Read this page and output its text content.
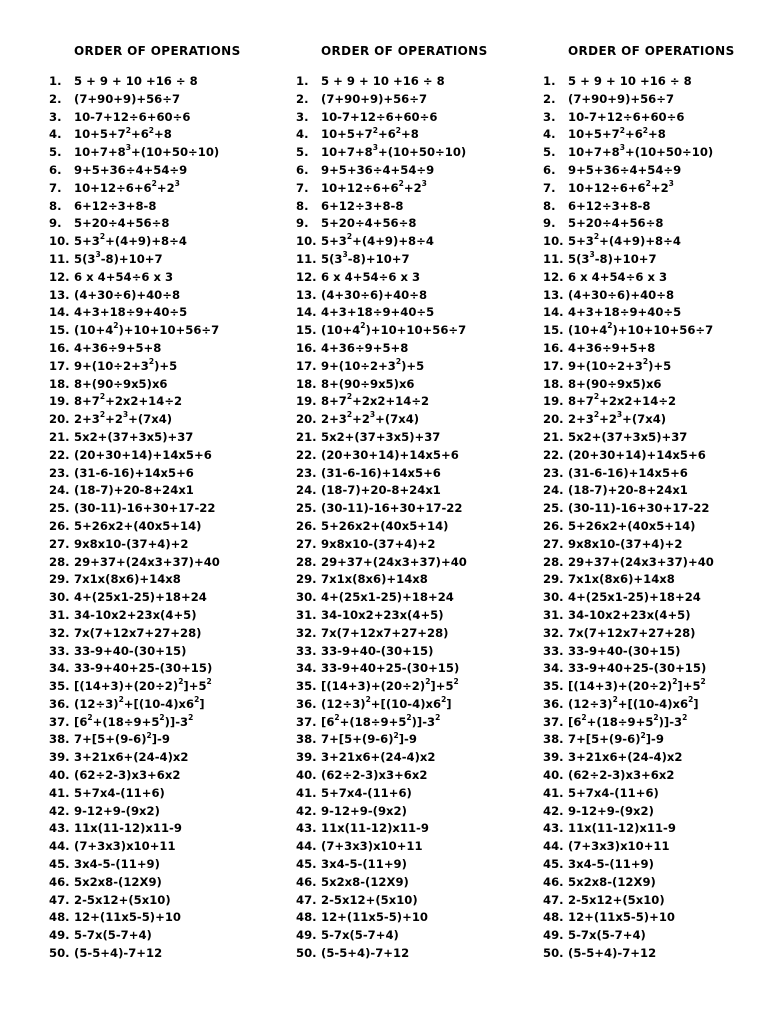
ORDER OF OPERATIONS
1. 5 + 9 + 10 +16 ÷ 8
2. (7+90+9)+56÷7
3. 10-7+12÷6+60÷6
4. $10+5+7^2+6^2+8$
5. $10+7+8^3+(10+50\div 10)$
6. 9+5+36÷4+54÷9
7. $10+12\div 6+6^2+2^3$
8. 6+12÷3+8-8
9. 5+20÷4+56÷8
10. $5+3^2+(4+9)+8\div 4$
11. $5(3^3-8)+10+7$
12. 6 x 4+54÷6 x 3
13. (4+30÷6)+40÷8
14. 4+3+18÷9+40÷5
15. $(10+4^2)+10+10+56\div 7$
16. 4+36÷9+5+8
17. $9+(10\div 2+3^2)+5$
18. 8+(90÷9x5)x6
19. $8+7^2+2x2+14\div 2$
20. $2+3^2+2^3+(7x4)$
21. 5x2+(37+3x5)+37
22. (20+30+14)+14x5+6
23. (31-6-16)+14x5+6
24. (18-7)+20-8+24x1
25. (30-11)-16+30+17-22
26. 5+26x2+(40x5+14)
27. 9x8x10-(37+4)+2
28. 29+37+(24x3+37)+40
29. 7x1x(8x6)+14x8
30. 4+(25x1-25)+18+24
31. 34-10x2+23x(4+5)
32. 7x(7+12x7+27+28)
33. 33-9+40-(30+15)
34. 33-9+40+25-(30+15)
35. $[(14+3)+(20\div 2)^2]+5^2$
36. $(12\div 3)^2+[(10-4)x6^2]$
37. $[6^2+(18\div 9+5^2)]-3^2$
38. $7+[5+(9-6)^2]-9$
39. 3+21x6+(24-4)x2
40. (62÷2-3)x3+6x2
41. 5+7x4-(11+6)
42. 9-12+9-(9x2)
43. 11x(11-12)x11-9
44. (7+3x3)x10+11
45. 3x4-5-(11+9)
46. 5x2x8-(12X9)
47. 2-5x12+(5x10)
48. 12+(11x5-5)+10
49. 5-7x(5-7+4)
50. (5-5+4)-7+12
ORDER OF OPERATIONS
1. 5 + 9 + 10 +16 ÷ 8
2. (7+90+9)+56÷7
3. 10-7+12÷6+60÷6
4. $10+5+7^2+6^2+8$
5. $10+7+8^3+(10+50\div 10)$
6. 9+5+36÷4+54÷9
7. $10+12\div 6+6^2+2^3$
8. 6+12÷3+8-8
9. 5+20÷4+56÷8
10. $5+3^2+(4+9)+8\div 4$
11. $5(3^3-8)+10+7$
12. 6 x 4+54÷6 x 3
13. (4+30÷6)+40÷8
14. 4+3+18÷9+40÷5
15. $(10+4^2)+10+10+56\div 7$
16. 4+36÷9+5+8
17. $9+(10\div 2+3^2)+5$
18. 8+(90÷9x5)x6
19. $8+7^2+2x2+14\div 2$
20. $2+3^2+2^3+(7x4)$
21. 5x2+(37+3x5)+37
22. (20+30+14)+14x5+6
23. (31-6-16)+14x5+6
24. (18-7)+20-8+24x1
25. (30-11)-16+30+17-22
26. 5+26x2+(40x5+14)
27. 9x8x10-(37+4)+2
28. 29+37+(24x3+37)+40
29. 7x1x(8x6)+14x8
30. 4+(25x1-25)+18+24
31. 34-10x2+23x(4+5)
32. 7x(7+12x7+27+28)
33. 33-9+40-(30+15)
34. 33-9+40+25-(30+15)
35. $[(14+3)+(20\div 2)^2]+5^2$
36. $(12\div 3)^2+[(10-4)x6^2]$
37. $[6^2+(18\div 9+5^2)]-3^2$
38. $7+[5+(9-6)^2]-9$
39. 3+21x6+(24-4)x2
40. (62÷2-3)x3+6x2
41. 5+7x4-(11+6)
42. 9-12+9-(9x2)
43. 11x(11-12)x11-9
44. (7+3x3)x10+11
45. 3x4-5-(11+9)
46. 5x2x8-(12X9)
47. 2-5x12+(5x10)
48. 12+(11x5-5)+10
49. 5-7x(5-7+4)
50. (5-5+4)-7+12
ORDER OF OPERATIONS
1. 5 + 9 + 10 +16 ÷ 8
2. (7+90+9)+56÷7
3. 10-7+12÷6+60÷6
4. $10+5+7^2+6^2+8$
5. $10+7+8^3+(10+50\div 10)$
6. 9+5+36÷4+54÷9
7. $10+12\div 6+6^2+2^3$
8. 6+12÷3+8-8
9. 5+20÷4+56÷8
10. $5+3^2+(4+9)+8\div 4$
11. $5(3^3-8)+10+7$
12. 6 x 4+54÷6 x 3
13. (4+30÷6)+40÷8
14. 4+3+18÷9+40÷5
15. $(10+4^2)+10+10+56\div 7$
16. 4+36÷9+5+8
17. $9+(10\div 2+3^2)+5$
18. 8+(90÷9x5)x6
19. $8+7^2+2x2+14\div 2$
20. $2+3^2+2^3+(7x4)$
21. 5x2+(37+3x5)+37
22. (20+30+14)+14x5+6
23. (31-6-16)+14x5+6
24. (18-7)+20-8+24x1
25. (30-11)-16+30+17-22
26. 5+26x2+(40x5+14)
27. 9x8x10-(37+4)+2
28. 29+37+(24x3+37)+40
29. 7x1x(8x6)+14x8
30. 4+(25x1-25)+18+24
31. 34-10x2+23x(4+5)
32. 7x(7+12x7+27+28)
33. 33-9+40-(30+15)
34. 33-9+40+25-(30+15)
35. $[(14+3)+(20\div 2)^2]+5^2$
36. $(12\div 3)^2+[(10-4)x6^2]$
37. $[6^2+(18\div 9+5^2)]-3^2$
38. $7+[5+(9-6)^2]-9$
39. 3+21x6+(24-4)x2
40. (62÷2-3)x3+6x2
41. 5+7x4-(11+6)
42. 9-12+9-(9x2)
43. 11x(11-12)x11-9
44. (7+3x3)x10+11
45. 3x4-5-(11+9)
46. 5x2x8-(12X9)
47. 2-5x12+(5x10)
48. 12+(11x5-5)+10
49. 5-7x(5-7+4)
50. (5-5+4)-7+12
